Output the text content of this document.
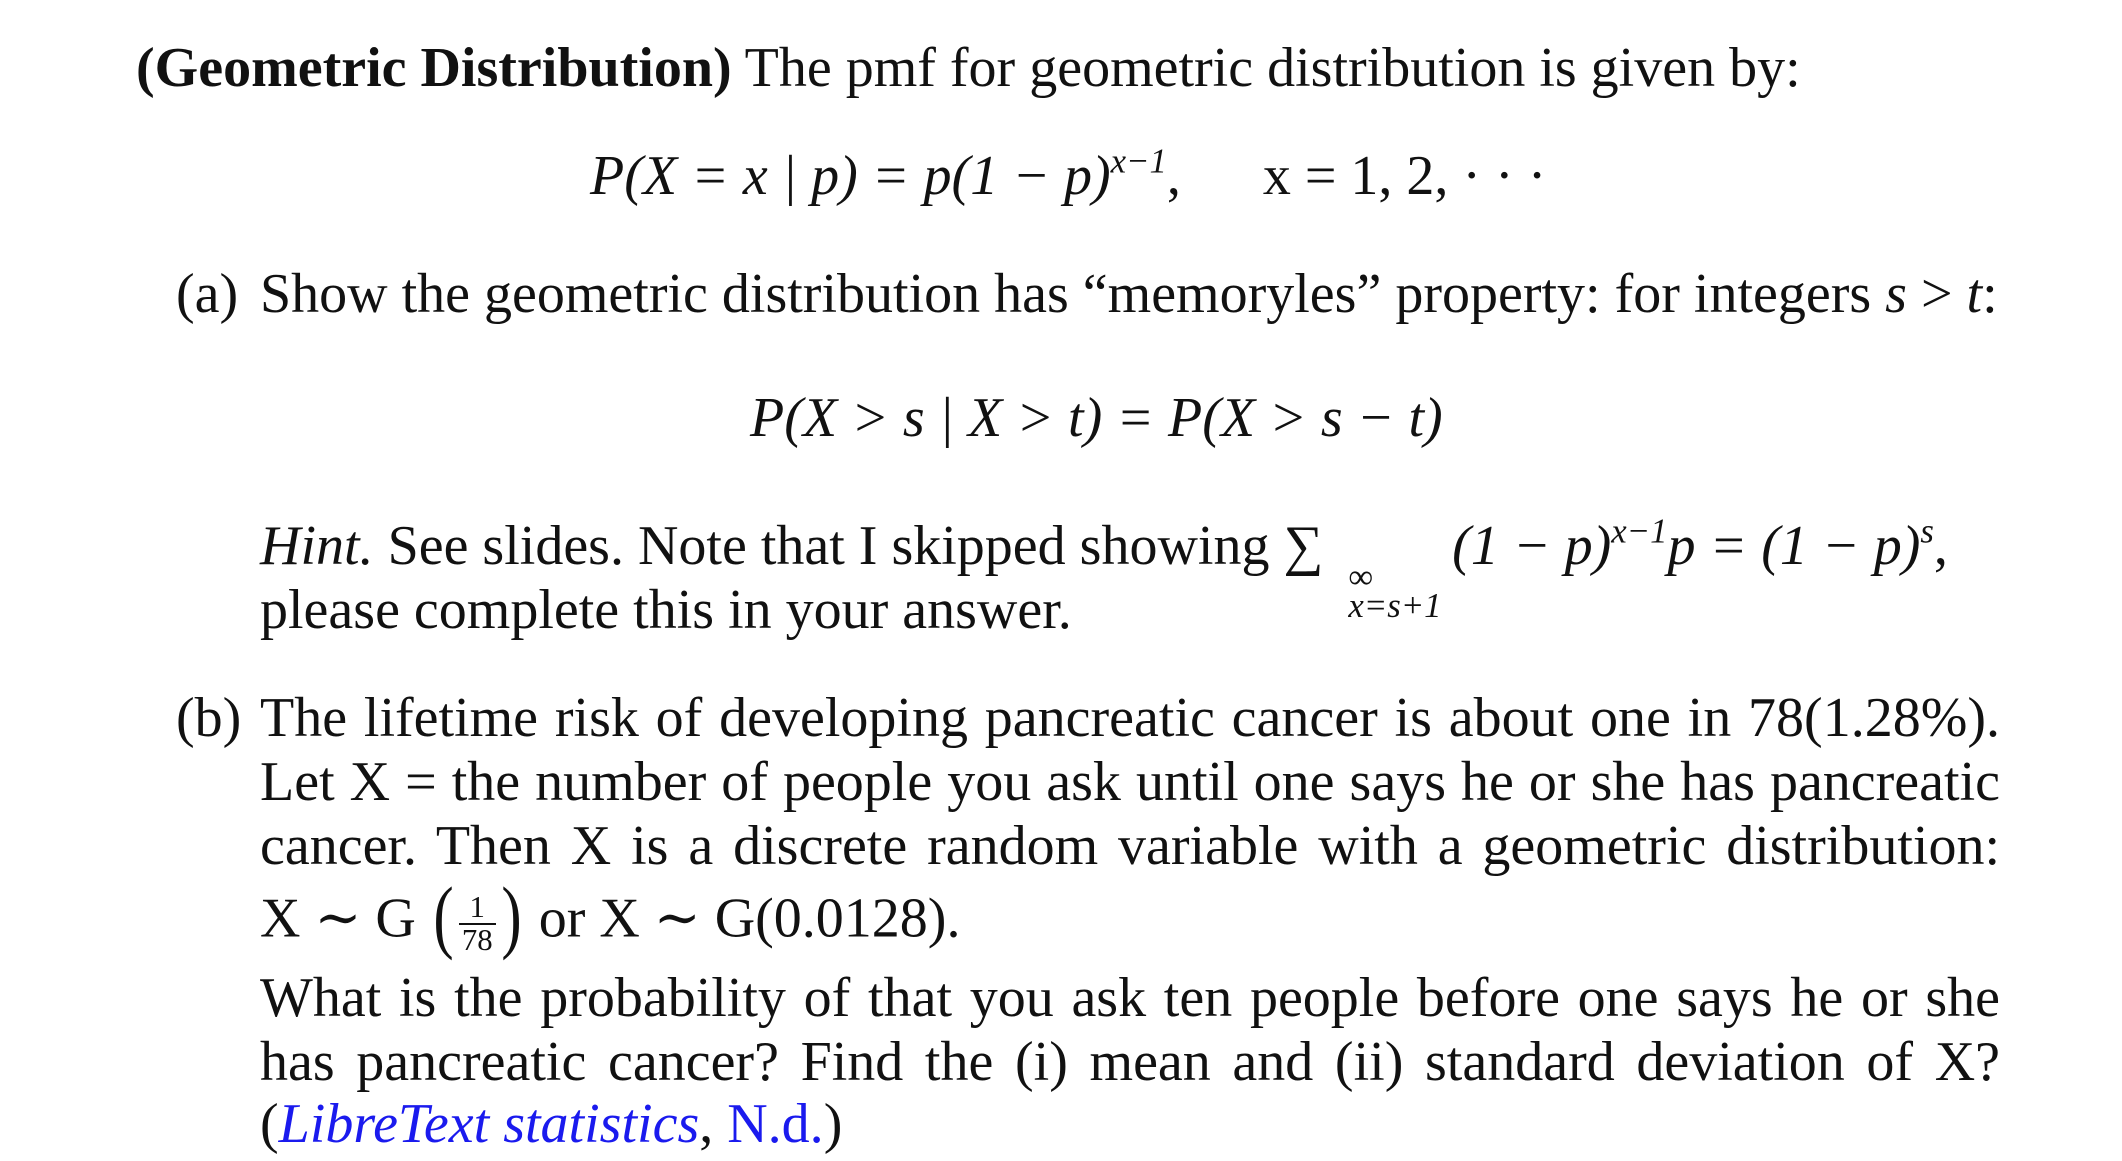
(Geometric Distribution) The pmf for geometric distribution is given by:
P(X = x | $p) = p(1 - p)^{x-1}$,  x = 1, 2, · · ·
(a) Show the geometric distribution has “memoryles” property: for integers s > t:
P(X > s | X > t) = P(X > s − t)
Hint. See slides. Note that I skipped showing ∑ ∞
x=s+1
$(1 - p)^{x-1}p = (1 - p)^s$,
please complete this in your answer.
(b) The lifetime risk of developing pancreatic cancer is about one in 78(1.28%).
Let X = the number of people you ask until one says he or she has pancreatic
cancer. Then X is a discrete random variable with a geometric distribution:
X ∼ G ( $\frac{1}{78}$ ) or X ∼ G(0.0128).
What is the probability of that you ask ten people before one says he or she
has pancreatic cancer? Find the (i) mean and (ii) standard deviation of X?
(LibreText statistics, N.d.)
